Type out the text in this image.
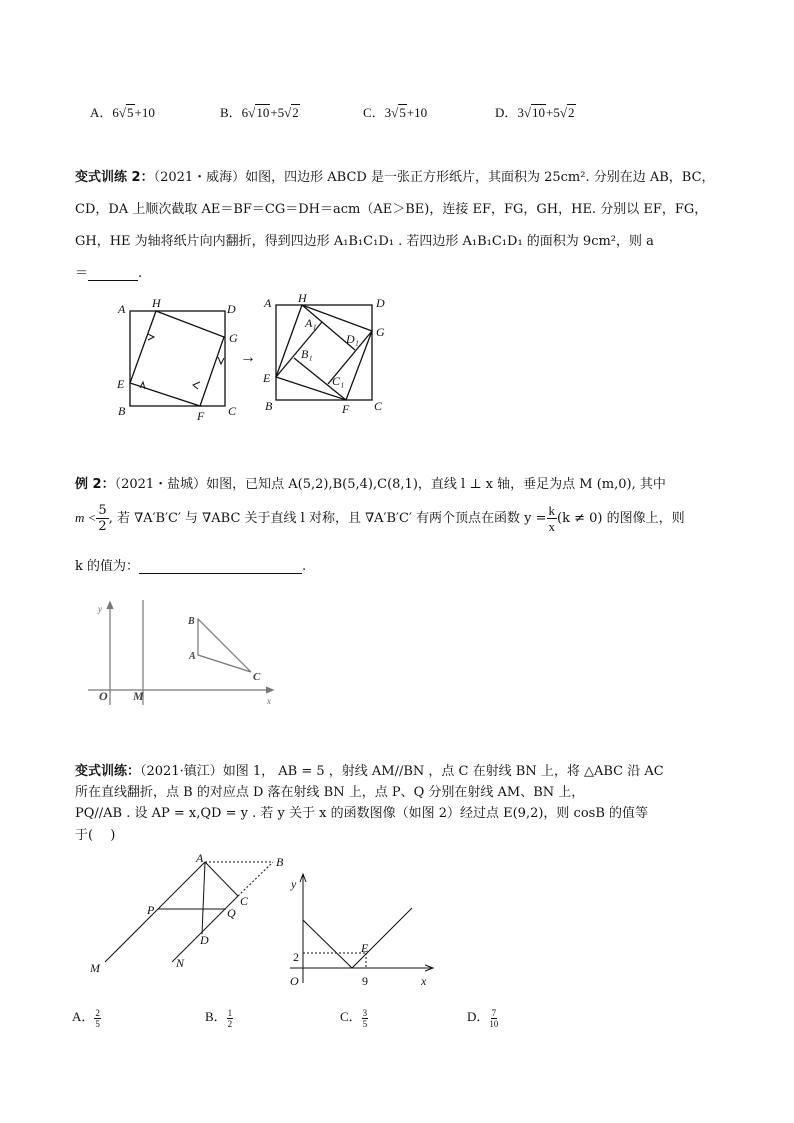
A．6√5+10	B．6√10+5√2	C．3√5+10	D．3√10+5√2
变式训练 2：（2021・威海）如图，四边形 ABCD 是一张正方形纸片，其面积为 25cm². 分别在边 AB，BC，
CD，DA 上顺次截取 AE＝BF＝CG＝DH＝acm（AE＞BE)，连接 EF，FG，GH，HE. 分别以 EF，FG，
GH，HE 为轴将纸片向内翻折，得到四边形 A₁B₁C₁D₁ . 若四边形 A₁B₁C₁D₁ 的面积为 9cm²，则 a
＝	.
A H	D
G
E
B	F C
→
A H	D
G
E
B	F C
A₁
D₁
B₁
C₁
y
x
O M
B
A
C
A	B
C
P	Q
D
M	N
y
x
O
E
2
9
例 2：（2021・盐城）如图，已知点 A(5,2),B(5,4),C(8,1)，直线 l ⊥ x 轴，垂足为点 M (m,0), 其中
$m < \frac{5}{2}$ , 若 ∇A′B′C′ 与 ∇ABC 关于直线 l 对称，且 ∇A′B′C′ 有两个顶点在函数 $y = \frac{k}{x} (k \ne 0)$ 的图像上，则
k 的值为：	.
变式训练：（2021·镇江）如图 1， AB = 5 ，射线 AM//BN ，点 C 在射线 BN 上，将 △ABC 沿 AC
所在直线翻折，点 B 的对应点 D 落在射线 BN 上，点 P、Q 分别在射线 AM、BN 上，
PQ//AB . 设 AP = x,QD = y . 若 y 关于 x 的函数图像（如图 2）经过点 E(9,2)，则 cosB 的值等
于(　 )
A． $\frac{2}{5}$	B． $\frac{1}{2}$	C． $\frac{3}{5}$	D． $\frac{7}{10}$
